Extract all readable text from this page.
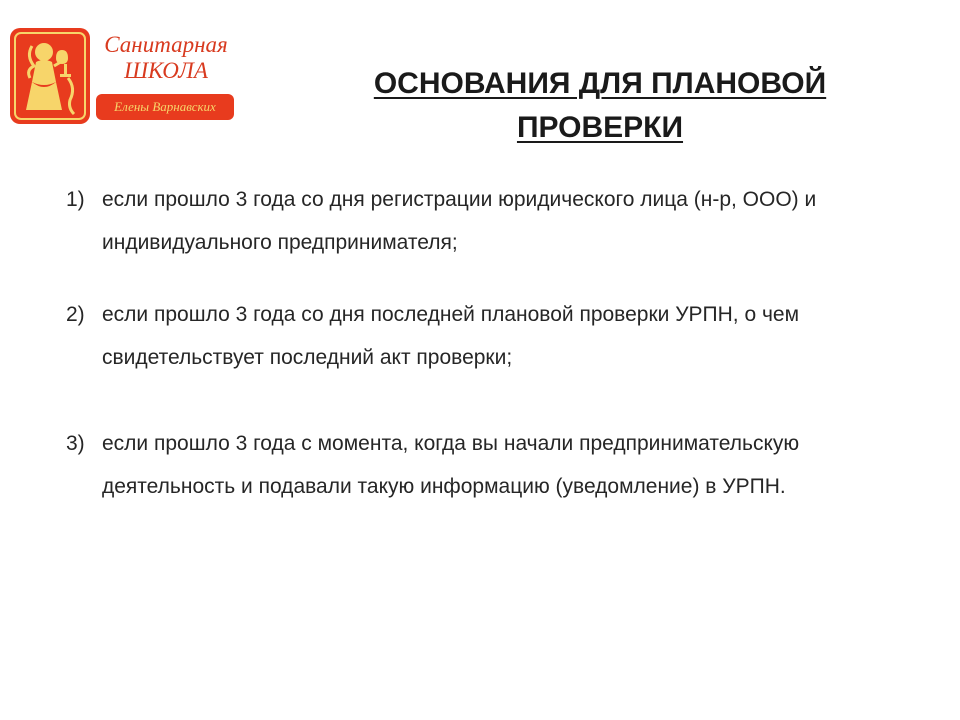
Санитарная
ШКОЛА
Елены Варнавских
ОСНОВАНИЯ ДЛЯ ПЛАНОВОЙ
ПРОВЕРКИ
1) если прошло 3 года со дня регистрации юридического лица (н-р, ООО) и индивидуального предпринимателя;
2) если прошло 3 года со дня последней плановой проверки УРПН, о чем свидетельствует последний акт проверки;
3) если прошло 3 года с момента, когда вы начали предпринимательскую деятельность и подавали такую информацию (уведомление) в УРПН.
